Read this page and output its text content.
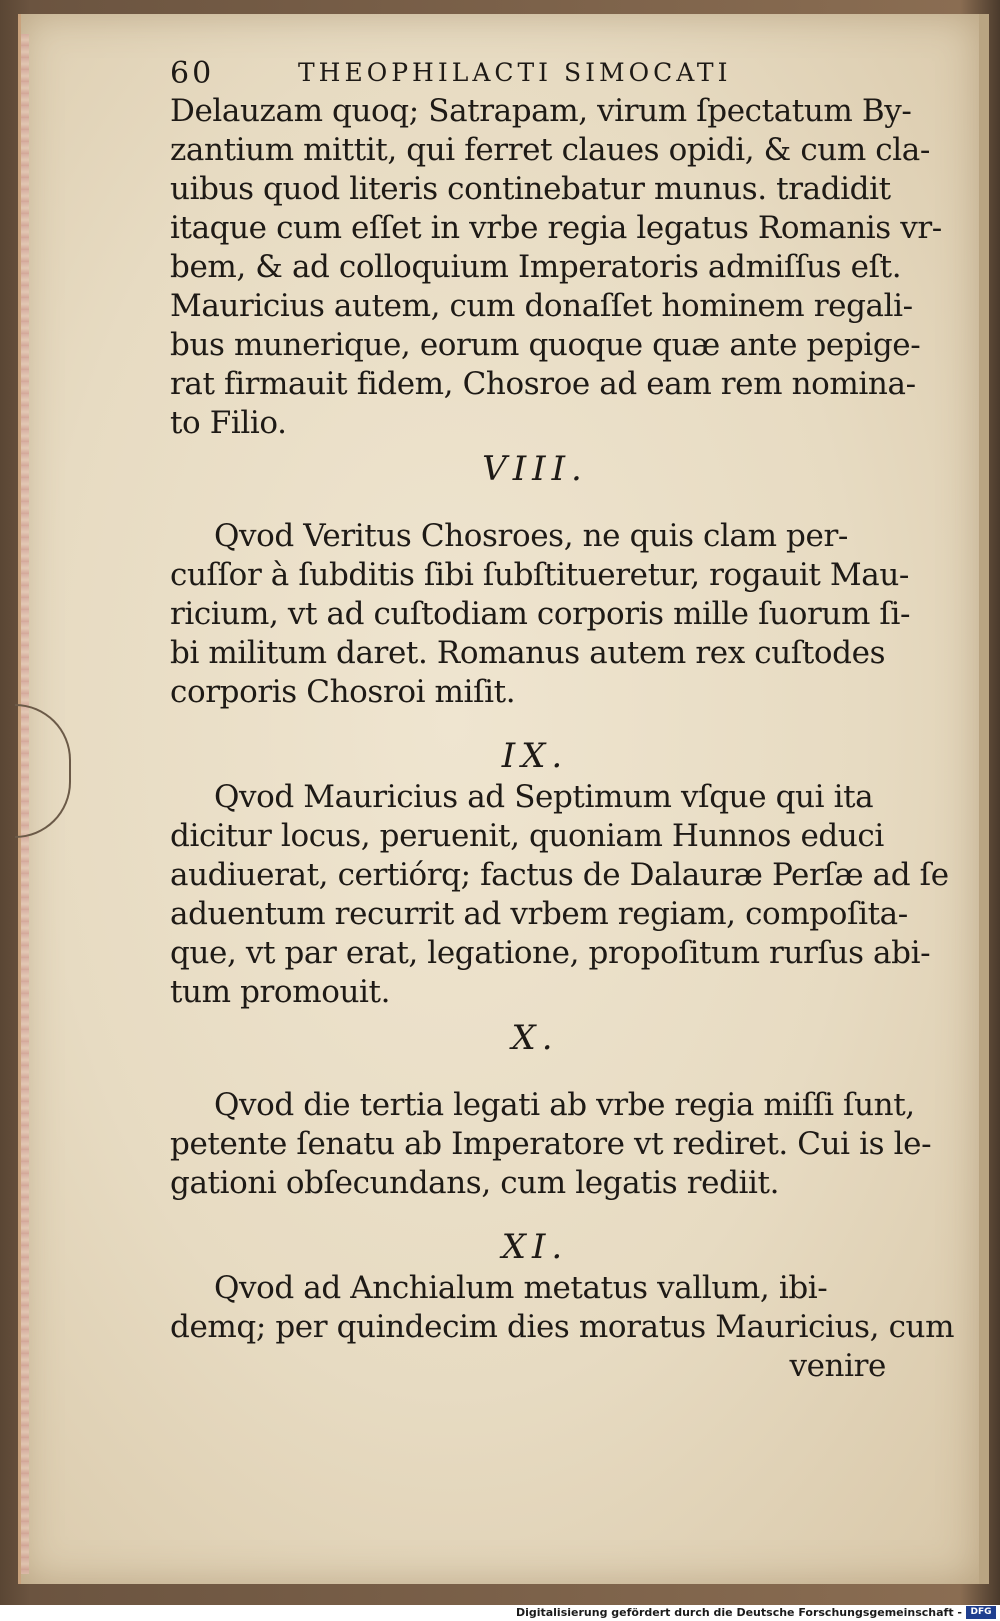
60	THEOPHILACTI SIMOCATI
Delauzam quoq; Satrapam, virum ſpectatum By-
zantium mittit, qui ferret claues opidi, & cum cla-
uibus quod literis continebatur munus. tradidit
itaque cum eſſet in vrbe regia legatus Romanis vr-
bem, & ad colloquium Imperatoris admiſſus eſt.
Mauricius autem, cum donaſſet hominem regali-
bus munerique, eorum quoque quæ ante pepige-
rat firmauit fidem, Chosroe ad eam rem nomina-
to Filio.
VIII.
Qvod Veritus Chosroes, ne quis clam per-
cuſſor à ſubditis ſibi ſubſtitueretur, rogauit Mau-
ricium, vt ad cuſtodiam corporis mille ſuorum ſi-
bi militum daret. Romanus autem rex cuſtodes
corporis Chosroi miſit.
IX.
Qvod Mauricius ad Septimum vſque qui ita
dicitur locus, peruenit, quoniam Hunnos educi
audiuerat, certiórq; factus de Dalauræ Perſæ ad ſe
aduentum recurrit ad vrbem regiam, compoſita-
que, vt par erat, legatione, propoſitum rurſus abi-
tum promouit.
X.
Qvod die tertia legati ab vrbe regia miſſi ſunt,
petente ſenatu ab Imperatore vt rediret. Cui is le-
gationi obſecundans, cum legatis rediit.
XI.
Qvod ad Anchialum metatus vallum, ibi-
demq; per quindecim dies moratus Mauricius, cum
venire
Digitalisierung gefördert durch die Deutsche Forschungsgemeinschaft - DFG
